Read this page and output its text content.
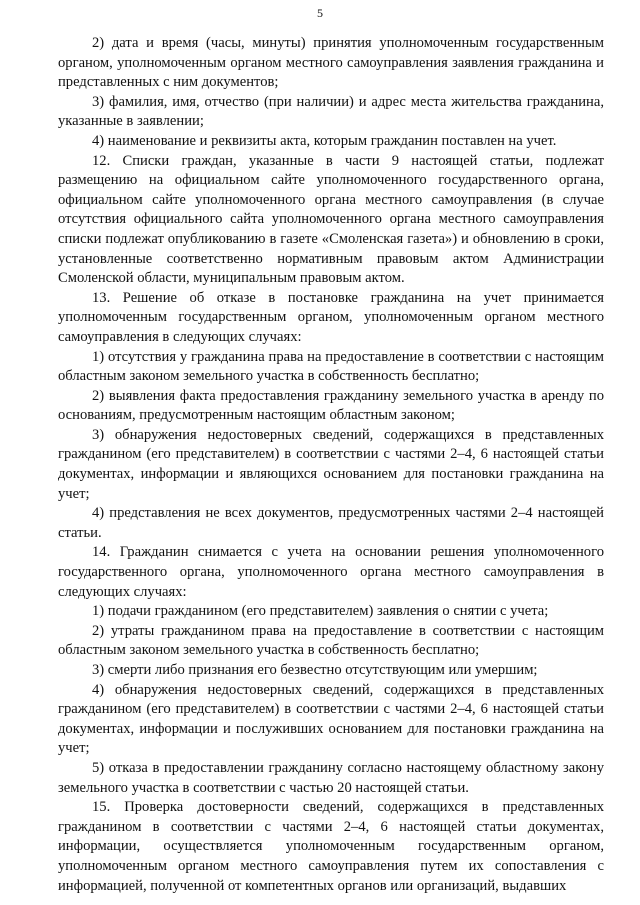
5

2) дата и время (часы, минуты) принятия уполномоченным государственным органом, уполномоченным органом местного самоуправления заявления гражданина и представленных с ним документов;

3) фамилия, имя, отчество (при наличии) и адрес места жительства гражданина, указанные в заявлении;

4) наименование и реквизиты акта, которым гражданин поставлен на учет.

12. Списки граждан, указанные в части 9 настоящей статьи, подлежат размещению на официальном сайте уполномоченного государственного органа, официальном сайте уполномоченного органа местного самоуправления (в случае отсутствия официального сайта уполномоченного органа местного самоуправления списки подлежат опубликованию в газете «Смоленская газета») и обновлению в сроки, установленные соответственно нормативным правовым актом Администрации Смоленской области, муниципальным правовым актом.

13. Решение об отказе в постановке гражданина на учет принимается уполномоченным государственным органом, уполномоченным органом местного самоуправления в следующих случаях:

1) отсутствия у гражданина права на предоставление в соответствии с настоящим областным законом земельного участка в собственность бесплатно;

2) выявления факта предоставления гражданину земельного участка в аренду по основаниям, предусмотренным настоящим областным законом;

3) обнаружения недостоверных сведений, содержащихся в представленных гражданином (его представителем) в соответствии с частями 2–4, 6 настоящей статьи документах, информации и являющихся основанием для постановки гражданина на учет;

4) представления не всех документов, предусмотренных частями 2–4 настоящей статьи.

14. Гражданин снимается с учета на основании решения уполномоченного государственного органа, уполномоченного органа местного самоуправления в следующих случаях:

1) подачи гражданином (его представителем) заявления о снятии с учета;

2) утраты гражданином права на предоставление в соответствии с настоящим областным законом земельного участка в собственность бесплатно;

3) смерти либо признания его безвестно отсутствующим или умершим;

4) обнаружения недостоверных сведений, содержащихся в представленных гражданином (его представителем) в соответствии с частями 2–4, 6 настоящей статьи документах, информации и послуживших основанием для постановки гражданина на учет;

5) отказа в предоставлении гражданину согласно настоящему областному закону земельного участка в соответствии с частью 20 настоящей статьи.

15. Проверка достоверности сведений, содержащихся в представленных гражданином в соответствии с частями 2–4, 6 настоящей статьи документах, информации, осуществляется уполномоченным государственным органом, уполномоченным органом местного самоуправления путем их сопоставления с информацией, полученной от компетентных органов или организаций, выдавших
